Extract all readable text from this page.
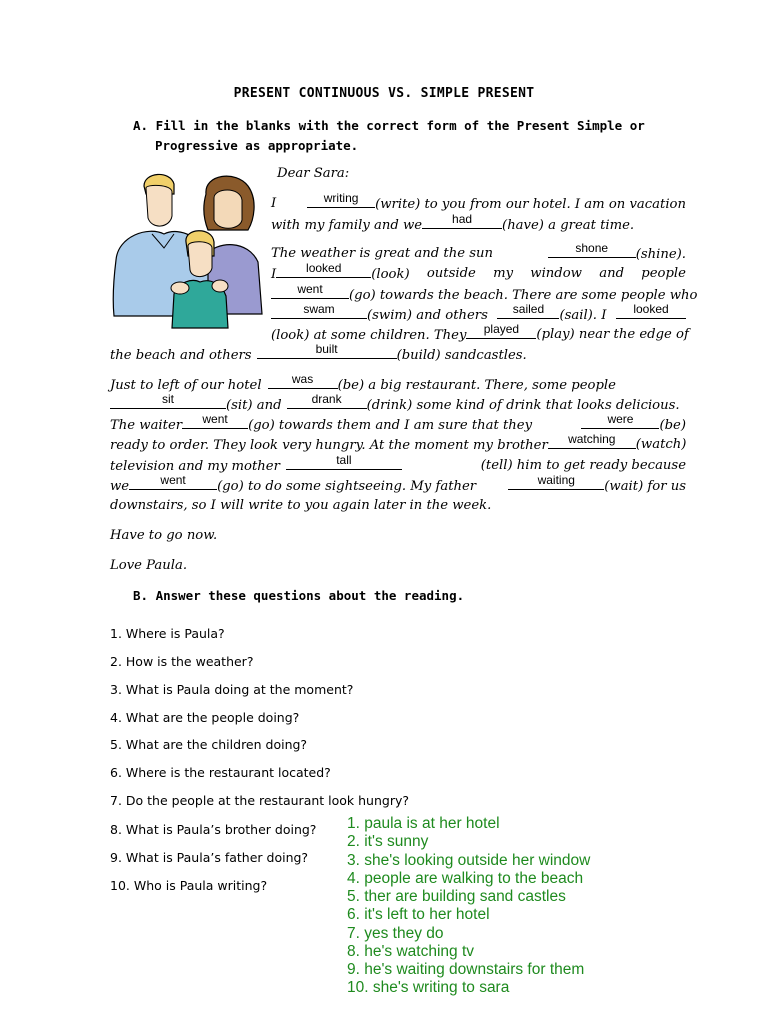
PRESENT CONTINUOUS VS. SIMPLE PRESENT
A. Fill in the blanks with the correct form of the Present Simple or
Progressive as appropriate.
Dear Sara:
I	writing	(write) to you from our hotel. I am on vacation
with my family and we	had	(have) a great time.
The weather is great and the sun	shone	(shine).
I	looked	(look) outside my window and people
went	(go) towards the beach. There are some people who
swam	(swim) and others	sailed	(sail). I	looked
(look) at some children. They	played	(play) near the edge of
the beach and others	built	(build) sandcastles.
Just to left of our hotel	was	(be) a big restaurant. There, some people
sit	(sit) and	drank	(drink) some kind of drink that looks delicious.
The waiter	went	(go) towards them and I am sure that they	were	(be)
ready to order. They look very hungry. At the moment my brother	watching	(watch)
television and my mother	tall	(tell) him to get ready because
we	went	(go) to do some sightseeing. My father	waiting	(wait) for us
downstairs, so I will write to you again later in the week.
Have to go now.
Love Paula.
B. Answer these questions about the reading.
1. Where is Paula?
2. How is the weather?
3. What is Paula doing at the moment?
4. What are the people doing?
5. What are the children doing?
6. Where is the restaurant located?
7. Do the people at the restaurant look hungry?
8. What is Paula’s brother doing?
9. What is Paula’s father doing?
10. Who is Paula writing?
1. paula is at her hotel
2. it's sunny
3. she's looking outside her window
4. people are walking to the beach
5. ther are building sand castles
6. it's left to her hotel
7. yes they do
8. he's watching tv
9. he's waiting downstairs for them
10. she's writing to sara
